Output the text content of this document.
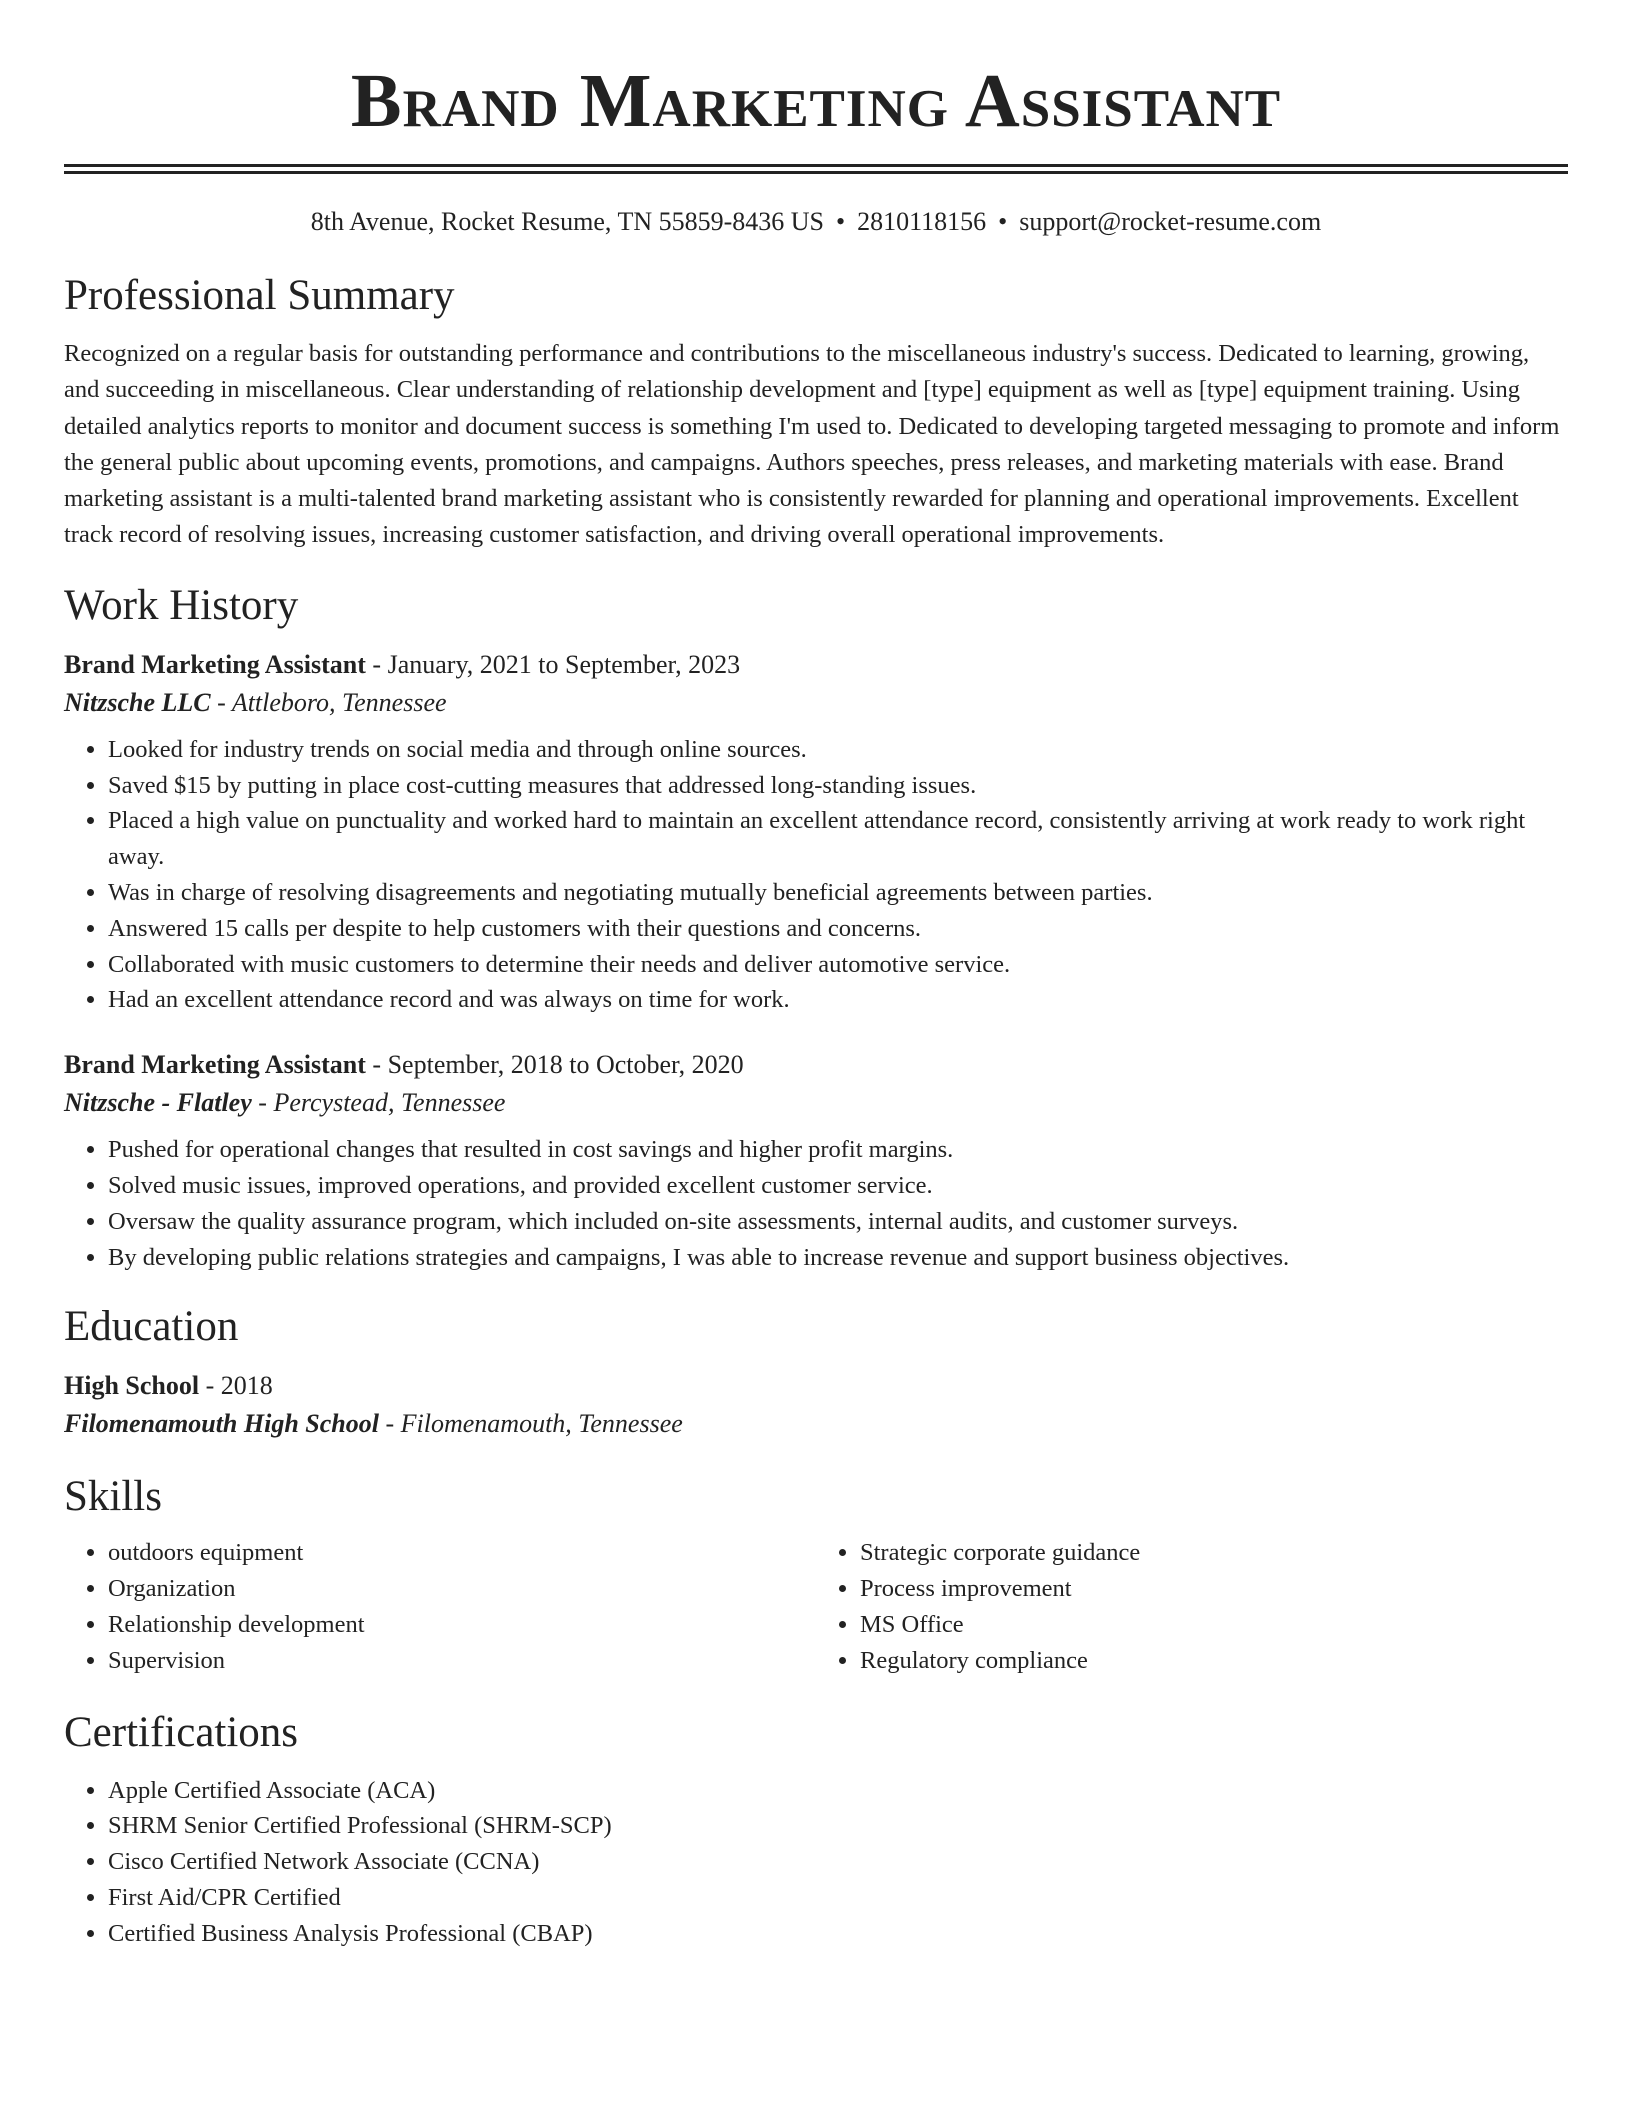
Brand Marketing Assistant
8th Avenue, Rocket Resume, TN 55859-8436 US • 2810118156 • support@rocket-resume.com
Professional Summary

Recognized on a regular basis for outstanding performance and contributions to the miscellaneous industry's success. Dedicated to learning, growing, and succeeding in miscellaneous. Clear understanding of relationship development and [type] equipment as well as [type] equipment training. Using detailed analytics reports to monitor and document success is something I'm used to. Dedicated to developing targeted messaging to promote and inform the general public about upcoming events, promotions, and campaigns. Authors speeches, press releases, and marketing materials with ease. Brand marketing assistant is a multi-talented brand marketing assistant who is consistently rewarded for planning and operational improvements. Excellent track record of resolving issues, increasing customer satisfaction, and driving overall operational improvements.

Work History
Brand Marketing Assistant - January, 2021 to September, 2023
Nitzsche LLC - Attleboro, Tennessee
• Looked for industry trends on social media and through online sources.
• Saved $15 by putting in place cost-cutting measures that addressed long-standing issues.
• Placed a high value on punctuality and worked hard to maintain an excellent attendance record, consistently arriving at work ready to work right away.
• Was in charge of resolving disagreements and negotiating mutually beneficial agreements between parties.
• Answered 15 calls per despite to help customers with their questions and concerns.
• Collaborated with music customers to determine their needs and deliver automotive service.
• Had an excellent attendance record and was always on time for work.
Brand Marketing Assistant - September, 2018 to October, 2020
Nitzsche - Flatley - Percystead, Tennessee
• Pushed for operational changes that resulted in cost savings and higher profit margins.
• Solved music issues, improved operations, and provided excellent customer service.
• Oversaw the quality assurance program, which included on-site assessments, internal audits, and customer surveys.
• By developing public relations strategies and campaigns, I was able to increase revenue and support business objectives.
Education
High School - 2018
Filomenamouth High School - Filomenamouth, Tennessee
Skills
• outdoors equipment
• Organization
• Relationship development
• Supervision
• Strategic corporate guidance
• Process improvement
• MS Office
• Regulatory compliance
Certifications
• Apple Certified Associate (ACA)
• SHRM Senior Certified Professional (SHRM-SCP)
• Cisco Certified Network Associate (CCNA)
• First Aid/CPR Certified
• Certified Business Analysis Professional (CBAP)
